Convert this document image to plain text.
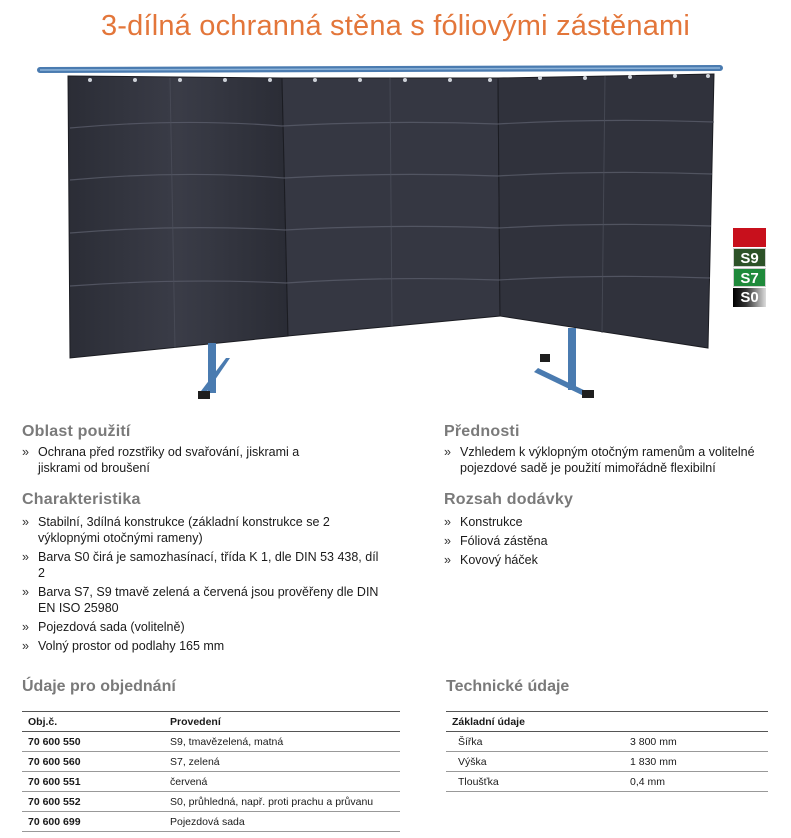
3-dílná ochranná stěna s fóliovými zástěnami
S9
S7
S0
Oblast použití
» Ochrana před rozstřiky od svařování, jiskrami a jiskrami od broušení
Charakteristika
» Stabilní, 3dílná konstrukce (základní konstrukce se 2 výklopnými otočnými rameny)
» Barva S0 čirá je samozhasínací, třída K 1, dle DIN 53 438, díl 2
» Barva S7, S9 tmavě zelená a červená jsou prověřeny dle DIN EN ISO 25980
» Pojezdová sada (volitelně)
» Volný prostor od podlahy 165 mm
Přednosti
» Vzhledem k výklopným otočným ramenům a volitelné pojezdové sadě je použití mimořádně flexibilní
Rozsah dodávky
» Konstrukce
» Fóliová zástěna
» Kovový háček
Údaje pro objednání
Obj.č.	Provedení
70 600 550	S9, tmavězelená, matná
70 600 560	S7, zelená
70 600 551	červená
70 600 552	S0, průhledná, např. proti prachu a průvanu
70 600 699	Pojezdová sada
Technické údaje
Základní údaje	
Šířka	3 800 mm
Výška	1 830 mm
Tloušťka	0,4 mm
